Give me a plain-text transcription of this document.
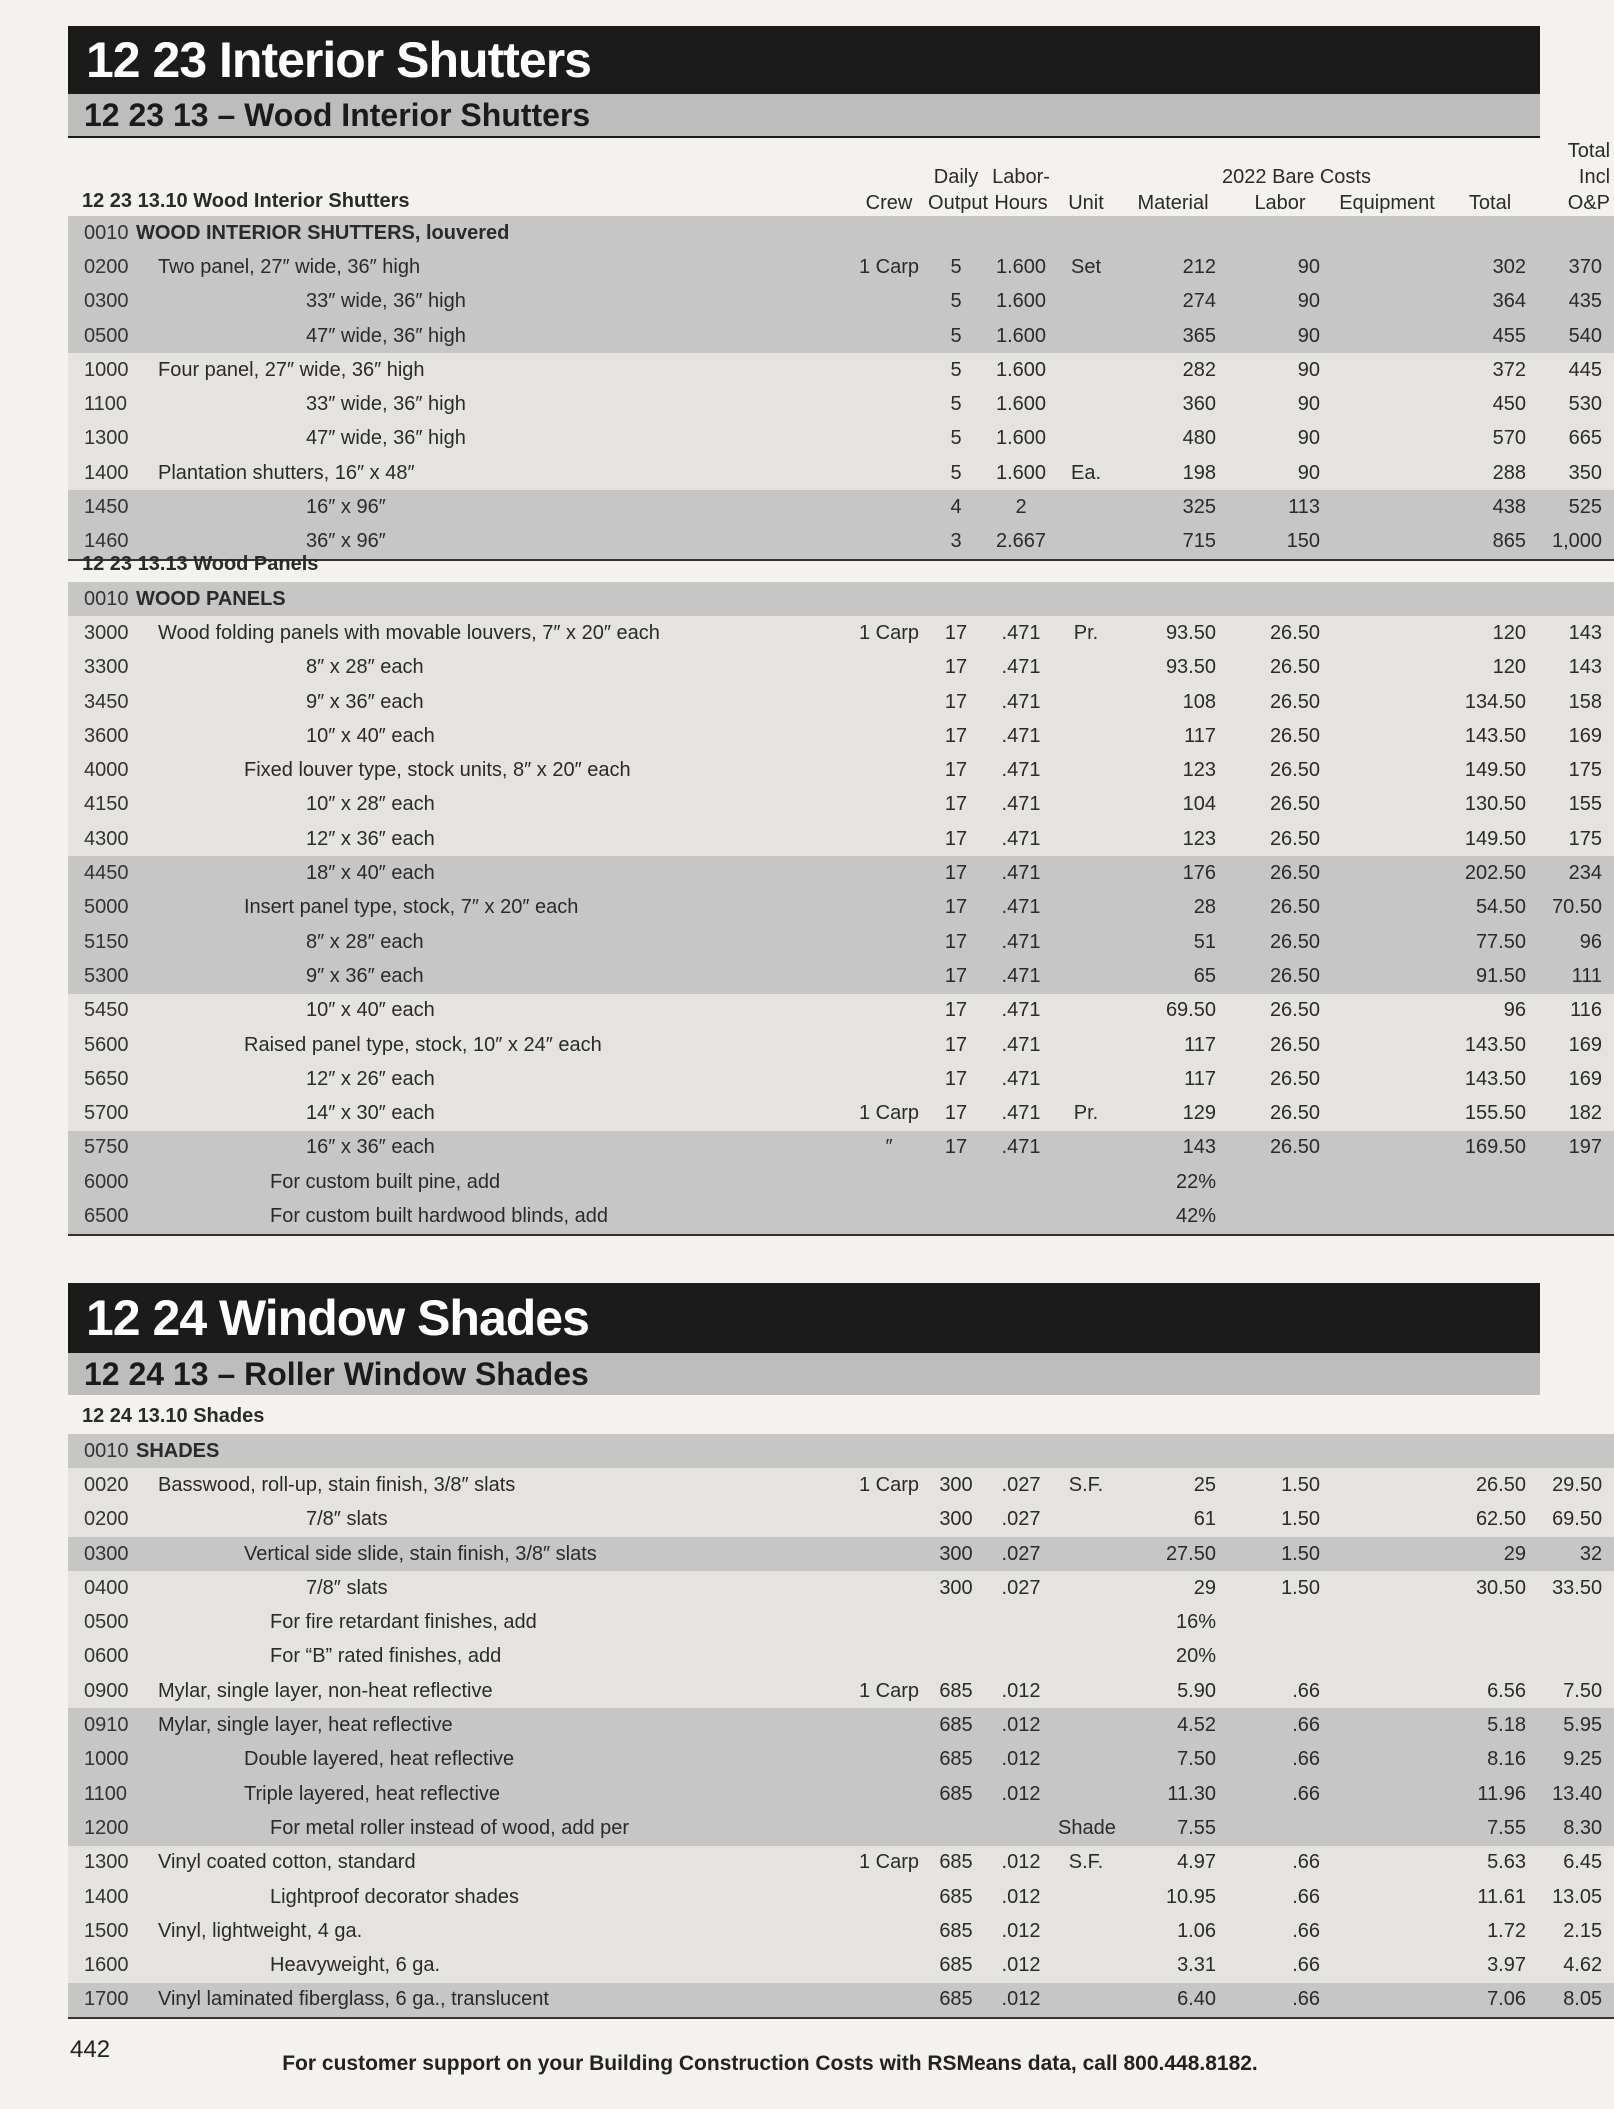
12 23 Interior Shutters
12 23 13 – Wood Interior Shutters
12 23 13.10 Wood Interior Shutters		Crew	Daily Output	Labor- Hours	Unit	Material	2022 Bare Costs
Labor	Equipment	Total	Total Incl O&P
0010	WOOD INTERIOR SHUTTERS, louvered									
0200	Two panel, 27″ wide, 36″ high	1 Carp	5	1.600	Set	212	90		302	370
0300	33″ wide, 36″ high		5	1.600		274	90		364	435
0500	47″ wide, 36″ high		5	1.600		365	90		455	540
1000	Four panel, 27″ wide, 36″ high		5	1.600		282	90		372	445
1100	33″ wide, 36″ high		5	1.600		360	90		450	530
1300	47″ wide, 36″ high		5	1.600		480	90		570	665
1400	Plantation shutters, 16″ x 48″		5	1.600	Ea.	198	90		288	350
1450	16″ x 96″		4	2		325	113		438	525
1460	36″ x 96″		3	2.667		715	150		865	1,000
12 23 13.13 Wood Panels										
0010	WOOD PANELS									
3000	Wood folding panels with movable louvers, 7″ x 20″ each	1 Carp	17	.471	Pr.	93.50	26.50		120	143
3300	8″ x 28″ each		17	.471		93.50	26.50		120	143
3450	9″ x 36″ each		17	.471		108	26.50		134.50	158
3600	10″ x 40″ each		17	.471		117	26.50		143.50	169
4000	Fixed louver type, stock units, 8″ x 20″ each		17	.471		123	26.50		149.50	175
4150	10″ x 28″ each		17	.471		104	26.50		130.50	155
4300	12″ x 36″ each		17	.471		123	26.50		149.50	175
4450	18″ x 40″ each		17	.471		176	26.50		202.50	234
5000	Insert panel type, stock, 7″ x 20″ each		17	.471		28	26.50		54.50	70.50
5150	8″ x 28″ each		17	.471		51	26.50		77.50	96
5300	9″ x 36″ each		17	.471		65	26.50		91.50	111
5450	10″ x 40″ each		17	.471		69.50	26.50		96	116
5600	Raised panel type, stock, 10″ x 24″ each		17	.471		117	26.50		143.50	169
5650	12″ x 26″ each		17	.471		117	26.50		143.50	169
5700	14″ x 30″ each	1 Carp	17	.471	Pr.	129	26.50		155.50	182
5750	16″ x 36″ each	″	17	.471		143	26.50		169.50	197
6000	For custom built pine, add					22%				
6500	For custom built hardwood blinds, add					42%				
12 24 Window Shades
12 24 13 – Roller Window Shades
12 24 13.10 Shades										
0010	SHADES									
0020	Basswood, roll-up, stain finish, 3/8″ slats	1 Carp	300	.027	S.F.	25	1.50		26.50	29.50
0200	7/8″ slats		300	.027		61	1.50		62.50	69.50
0300	Vertical side slide, stain finish, 3/8″ slats		300	.027		27.50	1.50		29	32
0400	7/8″ slats		300	.027		29	1.50		30.50	33.50
0500	For fire retardant finishes, add					16%				
0600	For “B” rated finishes, add					20%				
0900	Mylar, single layer, non-heat reflective	1 Carp	685	.012		5.90	.66		6.56	7.50
0910	Mylar, single layer, heat reflective		685	.012		4.52	.66		5.18	5.95
1000	Double layered, heat reflective		685	.012		7.50	.66		8.16	9.25
1100	Triple layered, heat reflective		685	.012		11.30	.66		11.96	13.40
1200	For metal roller instead of wood, add per				Shade	7.55			7.55	8.30
1300	Vinyl coated cotton, standard	1 Carp	685	.012	S.F.	4.97	.66		5.63	6.45
1400	Lightproof decorator shades		685	.012		10.95	.66		11.61	13.05
1500	Vinyl, lightweight, 4 ga.		685	.012		1.06	.66		1.72	2.15
1600	Heavyweight, 6 ga.		685	.012		3.31	.66		3.97	4.62
1700	Vinyl laminated fiberglass, 6 ga., translucent		685	.012		6.40	.66		7.06	8.05
442
For customer support on your Building Construction Costs with RSMeans data, call 800.448.8182.
